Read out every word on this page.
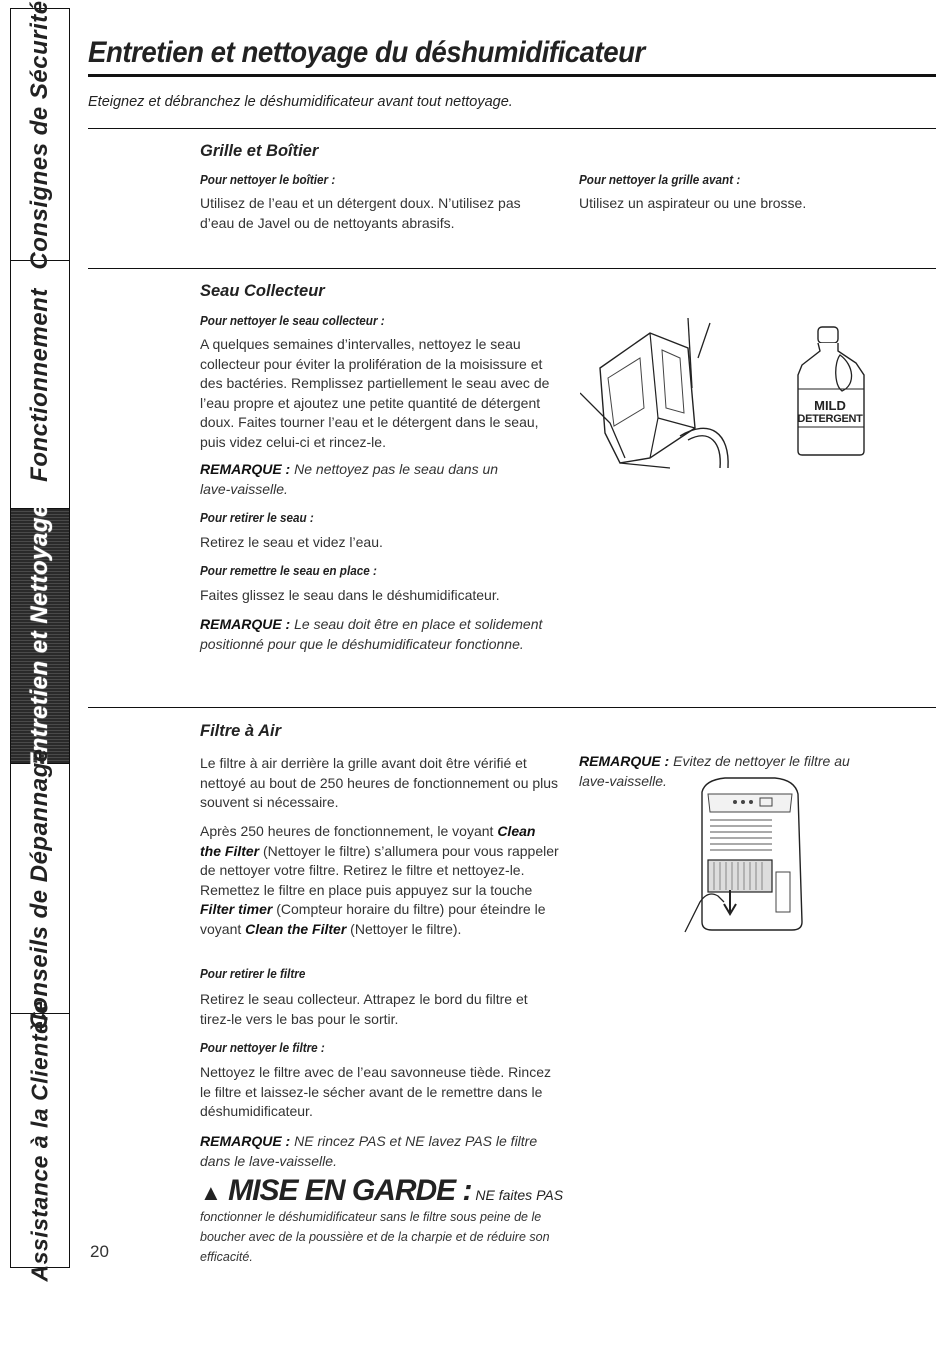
Consignes de Sécurité
Fonctionnement
Entretien et Nettoyage
Conseils de Dépannage
Assistance à la Clientèle
Entretien et nettoyage du déshumidificateur
Eteignez et débranchez le déshumidificateur avant tout nettoyage.
Grille et Boîtier
Pour nettoyer le boîtier :
Utilisez de l’eau et un détergent doux. N’utilisez pas d’eau de Javel ou de nettoyants abrasifs.
Pour nettoyer la grille avant :
Utilisez un aspirateur ou une brosse.
Seau Collecteur
Pour nettoyer le seau collecteur :
A quelques semaines d’intervalles, nettoyez le seau collecteur pour éviter la prolifération de la moisissure et des bactéries. Remplissez partiellement le seau avec de l’eau propre et ajoutez une petite quantité de détergent doux. Faites tourner l’eau et le détergent dans le seau, puis videz celui-ci et rincez-le.
REMARQUE : Ne nettoyez pas le seau dans un lave-vaisselle.
Pour retirer le seau :
Retirez le seau et videz l’eau.
Pour remettre le seau en place :
Faites glissez le seau dans le déshumidificateur.
REMARQUE : Le seau doit être en place et solidement positionné pour que le déshumidificateur fonctionne.
MILD
DETERGENT
Filtre à Air
Le filtre à air derrière la grille avant doit être vérifié et nettoyé au bout de 250 heures de fonctionnement ou plus souvent si nécessaire.
Après 250 heures de fonctionnement, le voyant Clean the Filter (Nettoyer le filtre) s’allumera pour vous rappeler de nettoyer votre filtre. Retirez le filtre et nettoyez-le. Remettez le filtre en place puis appuyez sur la touche Filter timer (Compteur horaire du filtre) pour éteindre le voyant Clean the Filter (Nettoyer le filtre).
Pour retirer le filtre
Retirez le seau collecteur. Attrapez le bord du filtre et tirez-le vers le bas pour le sortir.
Pour nettoyer le filtre :
Nettoyez le filtre avec de l’eau savonneuse tiède. Rincez le filtre et laissez-le sécher avant de le remettre dans le déshumidificateur.
REMARQUE : NE rincez PAS et NE lavez PAS le filtre dans le lave-vaisselle.
REMARQUE : Evitez de nettoyer le filtre au lave-vaisselle.
▲ MISE EN GARDE : NE faites PAS
fonctionner le déshumidificateur sans le filtre sous peine de le boucher avec de la poussière et de la charpie et de réduire son efficacité.
20
